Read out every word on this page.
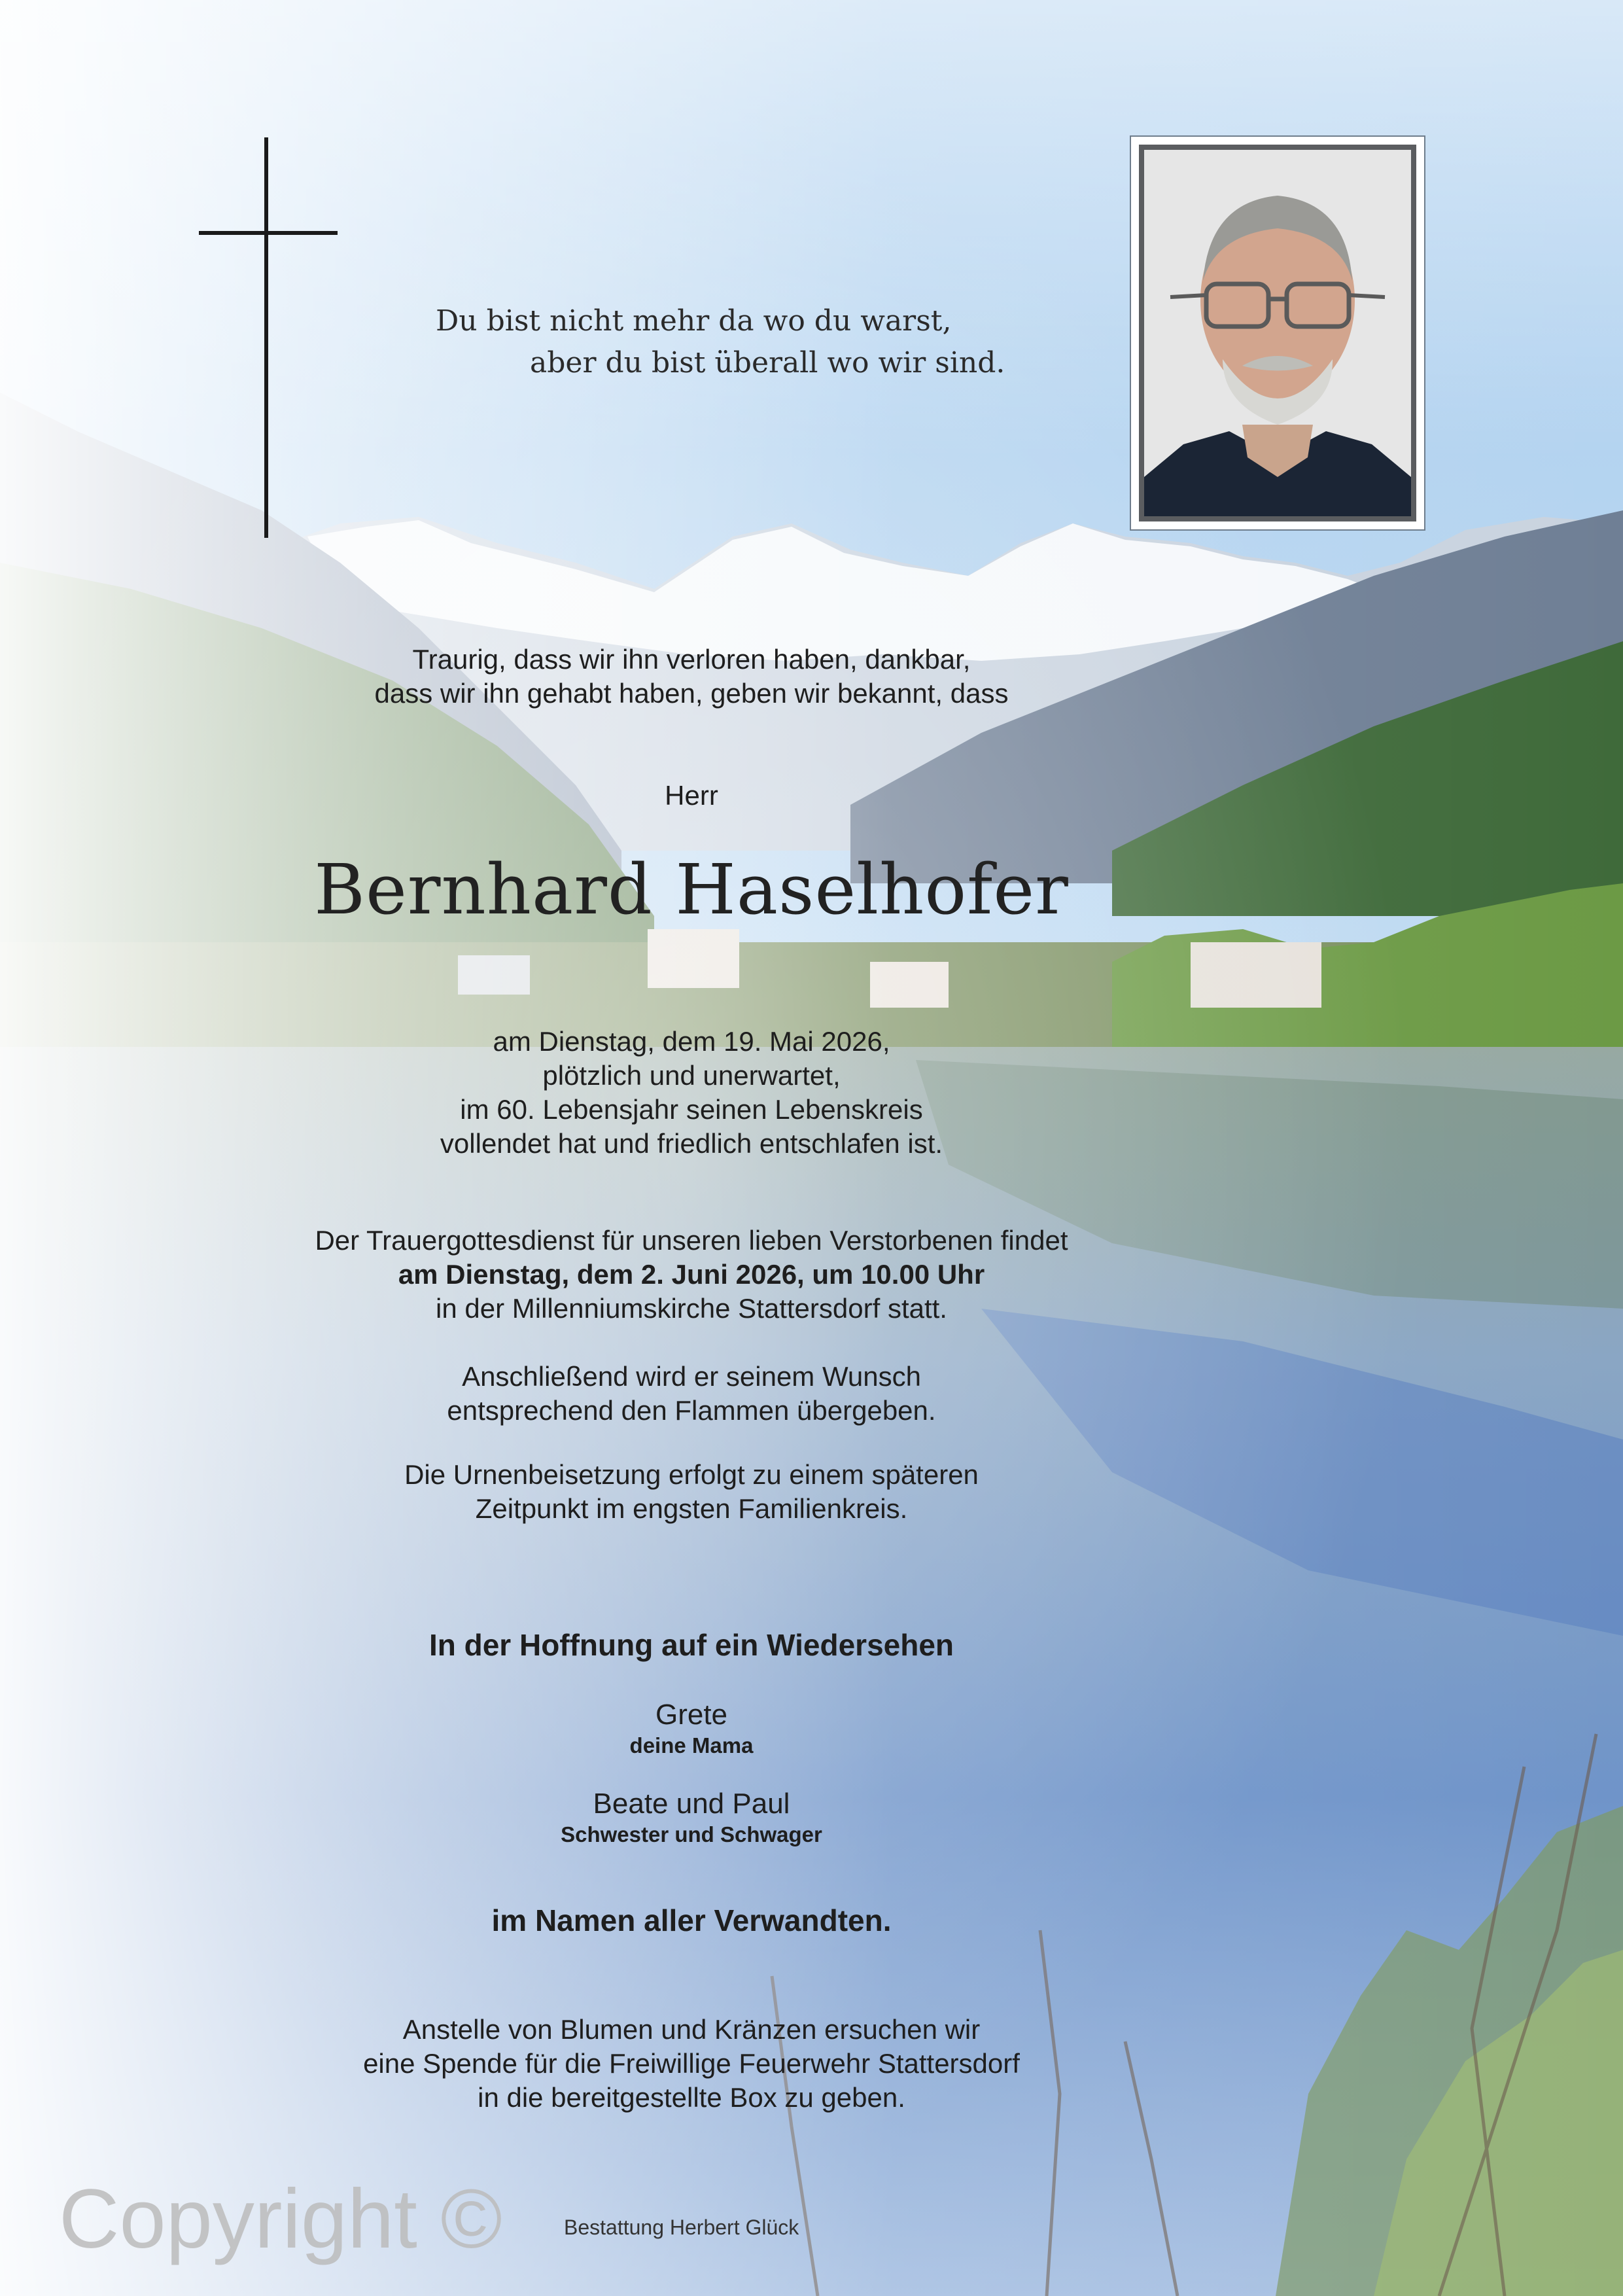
Du bist nicht mehr da wo du warst,
aber du bist überall wo wir sind.
Traurig, dass wir ihn verloren haben, dankbar,
dass wir ihn gehabt haben, geben wir bekannt, dass
Herr
Bernhard Haselhofer
am Dienstag, dem 19. Mai 2026,
plötzlich und unerwartet,
im 60. Lebensjahr seinen Lebenskreis
vollendet hat und friedlich entschlafen ist.
Der Trauergottesdienst für unseren lieben Verstorbenen findet
am Dienstag, dem 2. Juni 2026, um 10.00 Uhr
in der Millenniumskirche Stattersdorf statt.
Anschließend wird er seinem Wunsch
entsprechend den Flammen übergeben.
Die Urnenbeisetzung erfolgt zu einem späteren
Zeitpunkt im engsten Familienkreis.
In der Hoffnung auf ein Wiedersehen
Grete
deine Mama
Beate und Paul
Schwester und Schwager
im Namen aller Verwandten.
Anstelle von Blumen und Kränzen ersuchen wir
eine Spende für die Freiwillige Feuerwehr Stattersdorf
in die bereitgestellte Box zu geben.
Copyright ©	Bestattung Herbert Glück
